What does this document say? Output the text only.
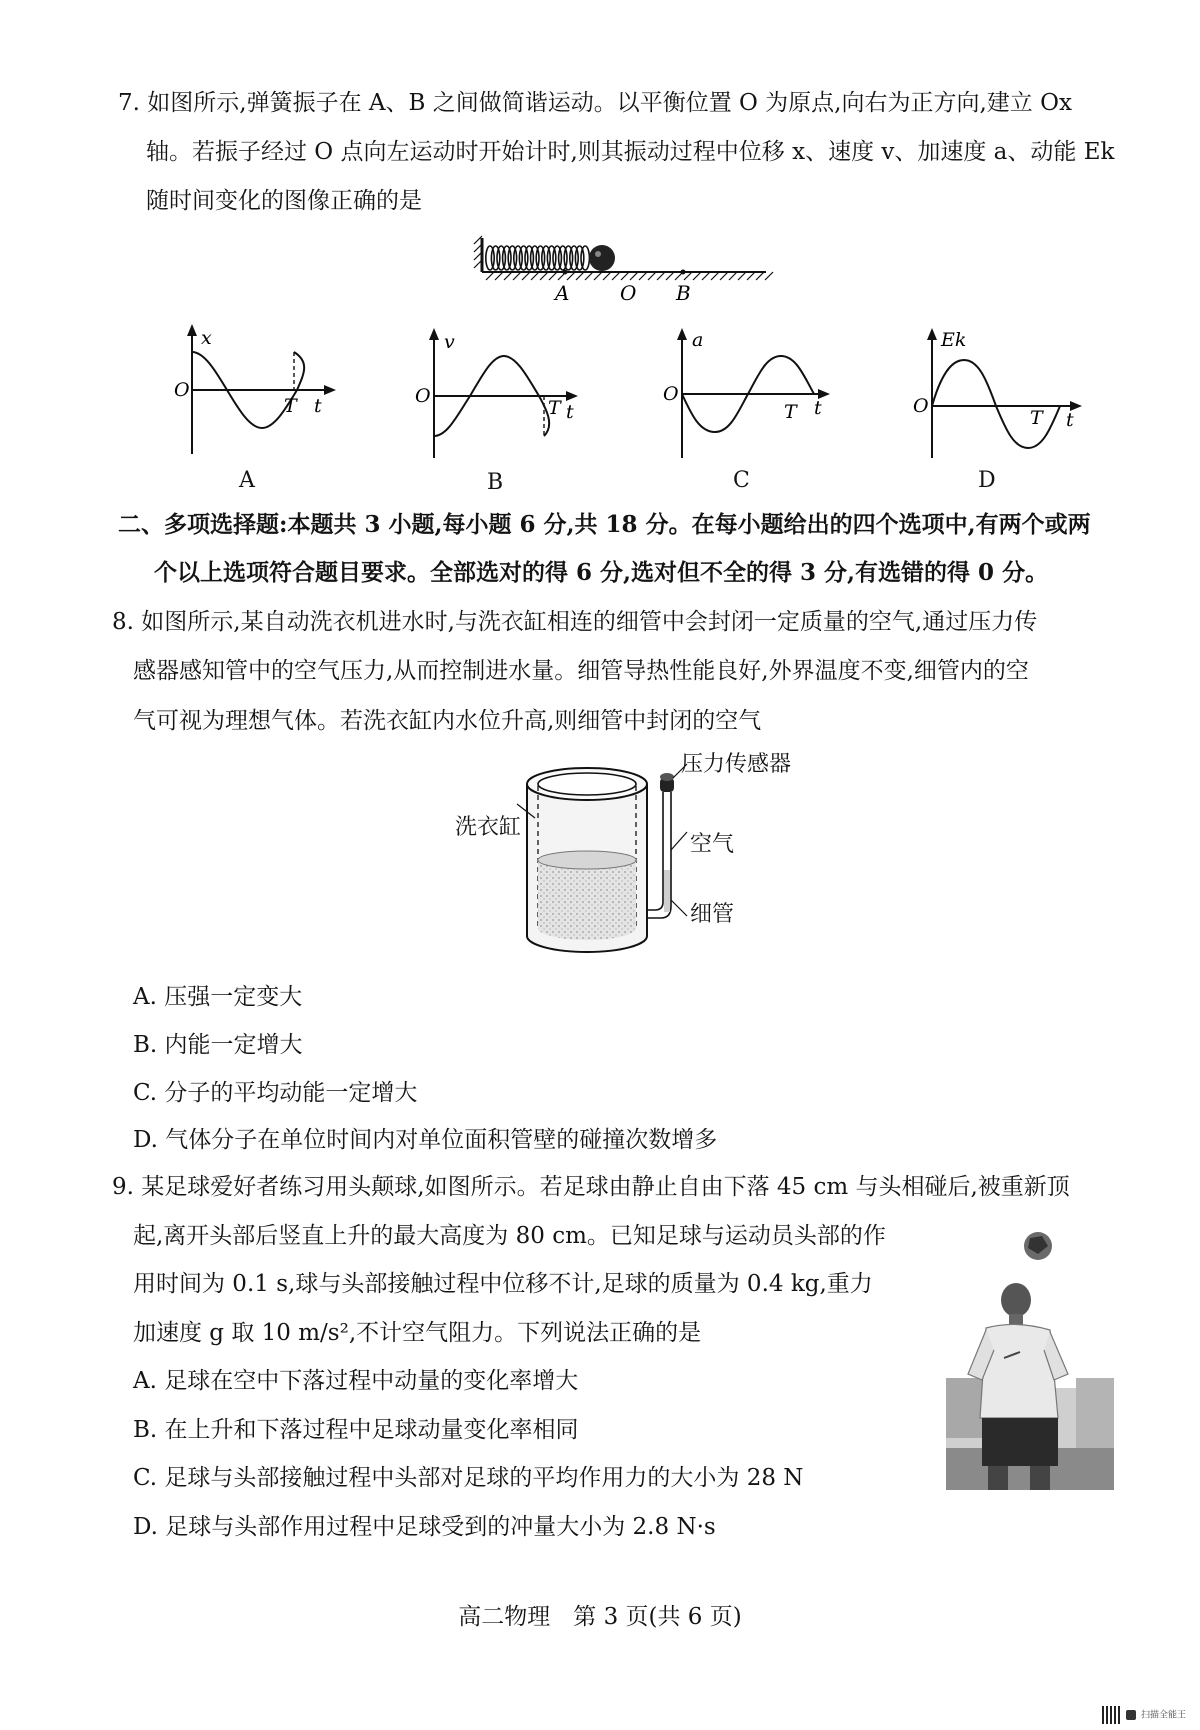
7. 如图所示,弹簧振子在 A、B 之间做简谐运动。以平衡位置 O 为原点,向右为正方向,建立 Ox
轴。若振子经过 O 点向左运动时开始计时,则其振动过程中位移 x、速度 v、加速度 a、动能 Ek
随时间变化的图像正确的是
A	O B
x
O
T t
v
O
T t
a
O
T t
Ek
O
T t
A	B	C	D
二、多项选择题:本题共 3 小题,每小题 6 分,共 18 分。在每小题给出的四个选项中,有两个或两
个以上选项符合题目要求。全部选对的得 6 分,选对但不全的得 3 分,有选错的得 0 分。
8. 如图所示,某自动洗衣机进水时,与洗衣缸相连的细管中会封闭一定质量的空气,通过压力传
感器感知管中的空气压力,从而控制进水量。细管导热性能良好,外界温度不变,细管内的空
气可视为理想气体。若洗衣缸内水位升高,则细管中封闭的空气
压力传感器
洗衣缸
空气
细管
A. 压强一定变大
B. 内能一定增大
C. 分子的平均动能一定增大
D. 气体分子在单位时间内对单位面积管壁的碰撞次数增多
9. 某足球爱好者练习用头颠球,如图所示。若足球由静止自由下落 45 cm 与头相碰后,被重新顶
起,离开头部后竖直上升的最大高度为 80 cm。已知足球与运动员头部的作
用时间为 0.1 s,球与头部接触过程中位移不计,足球的质量为 0.4 kg,重力
加速度 g 取 10 m/s²,不计空气阻力。下列说法正确的是
A. 足球在空中下落过程中动量的变化率增大
B. 在上升和下落过程中足球动量变化率相同
C. 足球与头部接触过程中头部对足球的平均作用力的大小为 28 N
D. 足球与头部作用过程中足球受到的冲量大小为 2.8 N·s
高二物理　第 3 页(共 6 页)
扫描全能王
